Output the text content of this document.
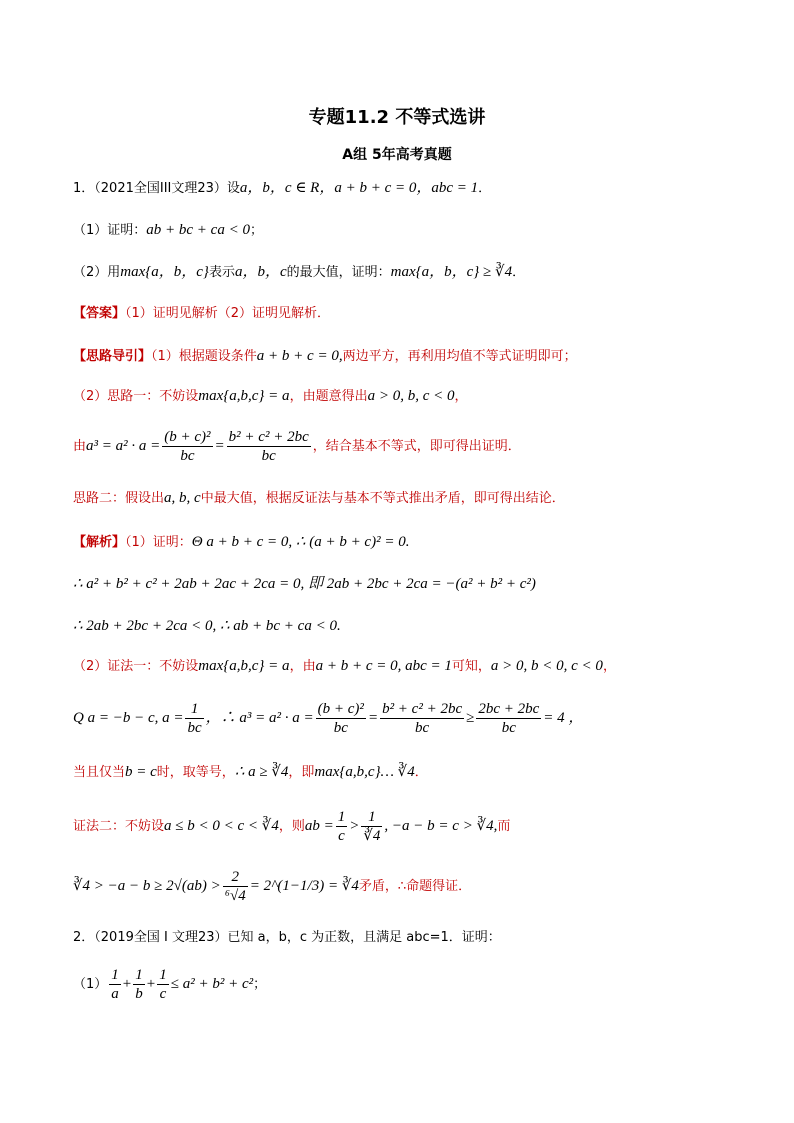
专题11.2 不等式选讲
A组 5年高考真题
1．（2021全国III文理23）设a，b，c ∈ R，a + b + c = 0，abc = 1．
（1）证明：ab + bc + ca < 0；
（2）用max{a，b，c}表示a，b，c的最大值，证明：max{a，b，c} ≥ ∛4．
【答案】（1）证明见解析（2）证明见解析．
【思路导引】（1）根据题设条件a + b + c = 0,两边平方，再利用均值不等式证明即可；
（2）思路一：不妨设max{a,b,c} = a，由题意得出a > 0, b, c < 0，
由$a^3 = a^2 \cdot a = \frac{\text{(b + c)²}}{bc} = \frac{\text{b² + c² + 2bc}}{bc}$ ，结合基本不等式，即可得出证明．
思路二：假设出a, b, c中最大值，根据反证法与基本不等式推出矛盾，即可得出结论．
【解析】（1）证明：Θ a + b + c = 0, ∴ (a + b + c)² = 0.
∴ a² + b² + c² + 2ab + 2ac + 2ca = 0, 即 2ab + 2bc + 2ca = −(a² + b² + c²)
∴ 2ab + 2bc + 2ca < 0, ∴ ab + bc + ca < 0.
（2）证法一：不妨设max{a,b,c} = a，由a + b + c = 0, abc = 1可知，a > 0, b < 0, c < 0，
Q a = −b − c, $a = \frac{1}{bc}$ ，∴ $a^3 = a^2 \cdot a = \frac{\text{(b + c)²}}{bc} = \frac{\text{b² + c² + 2bc}}{bc} \ge \frac{2bc + 2bc}{bc} = 4$ ，
当且仅当b = c时，取等号，∴ a ≥ ∛4，即max{a,b,c}… ∛4．
证法二：不妨设a ≤ b < 0 < c < ∛4，则ab = $\frac{1}{c} > \frac{1}{∛4}$ , −a − b = c > ∛4,而
∛4 > $-a - b \ge 2√(ab) > \frac{2}{\text{⁶√4}}$ = 2^(1−1/3) = ∛4矛盾，∴命题得证．
2．（2019全国 I 文理23）已知 a，b，c 为正数，且满足 abc=1．证明：
$(1) \frac{1}{a} + \frac{1}{b} + \frac{1}{c} \le a^2 + b^2 + c^2$；
